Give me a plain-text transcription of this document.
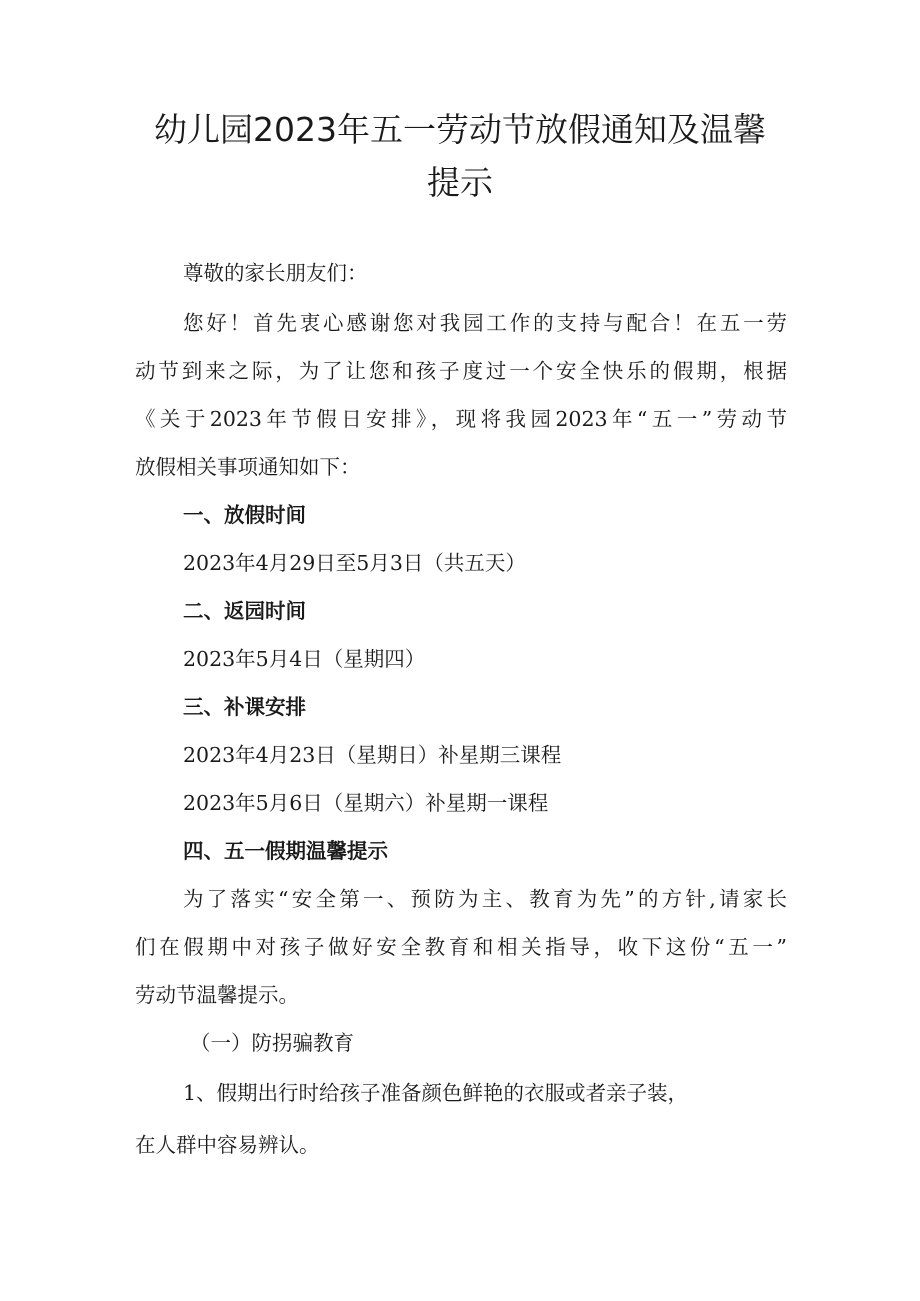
幼儿园2023年五一劳动节放假通知及温馨
提示

尊敬的家长朋友们：

您好！首先衷心感谢您对我园工作的支持与配合！在五一劳

动节到来之际，为了让您和孩子度过一个安全快乐的假期，根据

《关于2023年节假日安排》，现将我园2023年“五一”劳动节

放假相关事项通知如下：

一、放假时间

2023年4月29日至5月3日（共五天）

二、返园时间

2023年5月4日（星期四）

三、补课安排

2023年4月23日（星期日）补星期三课程

2023年5月6日（星期六）补星期一课程

四、五一假期温馨提示

为了落实“安全第一、预防为主、教育为先”的方针,请家长

们在假期中对孩子做好安全教育和相关指导，收下这份“五一”

劳动节温馨提示。

（一）防拐骗教育

1、假期出行时给孩子准备颜色鲜艳的衣服或者亲子装，

在人群中容易辨认。
